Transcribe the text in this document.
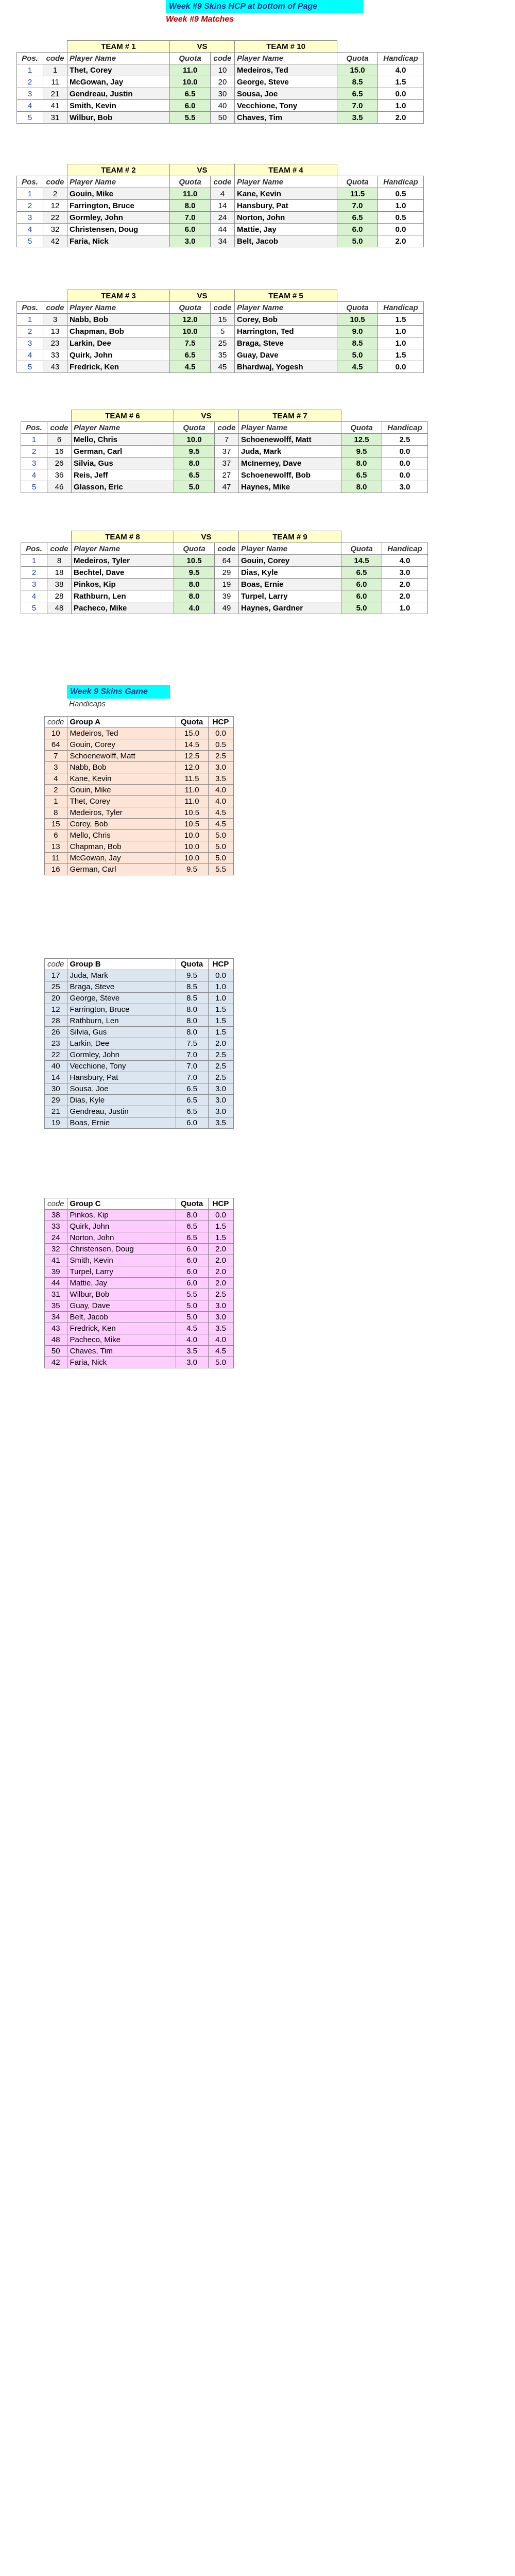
Week #9 Skins HCP at bottom of Page
Week #9 Matches
		TEAM # 1	VS		TEAM # 10		
Pos.	code	Player Name	Quota	code	Player Name	Quota	Handicap
1	1	Thet, Corey	11.0	10	Medeiros, Ted	15.0	4.0
2	11	McGowan, Jay	10.0	20	George, Steve	8.5	1.5
3	21	Gendreau, Justin	6.5	30	Sousa, Joe	6.5	0.0
4	41	Smith, Kevin	6.0	40	Vecchione, Tony	7.0	1.0
5	31	Wilbur, Bob	5.5	50	Chaves, Tim	3.5	2.0
		TEAM # 2	VS		TEAM # 4		
Pos.	code	Player Name	Quota	code	Player Name	Quota	Handicap
1	2	Gouin, Mike	11.0	4	Kane, Kevin	11.5	0.5
2	12	Farrington, Bruce	8.0	14	Hansbury, Pat	7.0	1.0
3	22	Gormley, John	7.0	24	Norton, John	6.5	0.5
4	32	Christensen, Doug	6.0	44	Mattie, Jay	6.0	0.0
5	42	Faria, Nick	3.0	34	Belt, Jacob	5.0	2.0
		TEAM # 3	VS		TEAM # 5		
Pos.	code	Player Name	Quota	code	Player Name	Quota	Handicap
1	3	Nabb, Bob	12.0	15	Corey, Bob	10.5	1.5
2	13	Chapman, Bob	10.0	5	Harrington, Ted	9.0	1.0
3	23	Larkin, Dee	7.5	25	Braga, Steve	8.5	1.0
4	33	Quirk, John	6.5	35	Guay, Dave	5.0	1.5
5	43	Fredrick, Ken	4.5	45	Bhardwaj, Yogesh	4.5	0.0
		TEAM # 6	VS		TEAM # 7		
Pos.	code	Player Name	Quota	code	Player Name	Quota	Handicap
1	6	Mello, Chris	10.0	7	Schoenewolff, Matt	12.5	2.5
2	16	German, Carl	9.5	37	Juda, Mark	9.5	0.0
3	26	Silvia, Gus	8.0	37	McInerney, Dave	8.0	0.0
4	36	Reis, Jeff	6.5	27	Schoenewolff, Bob	6.5	0.0
5	46	Glasson, Eric	5.0	47	Haynes, Mike	8.0	3.0
		TEAM # 8	VS		TEAM # 9		
Pos.	code	Player Name	Quota	code	Player Name	Quota	Handicap
1	8	Medeiros, Tyler	10.5	64	Gouin, Corey	14.5	4.0
2	18	Bechtel, Dave	9.5	29	Dias, Kyle	6.5	3.0
3	38	Pinkos, Kip	8.0	19	Boas, Ernie	6.0	2.0
4	28	Rathburn, Len	8.0	39	Turpel, Larry	6.0	2.0
5	48	Pacheco, Mike	4.0	49	Haynes, Gardner	5.0	1.0
Week 9 Skins Game
Handicaps
code	Group A	Quota	HCP
10	Medeiros, Ted	15.0	0.0
64	Gouin, Corey	14.5	0.5
7	Schoenewolff, Matt	12.5	2.5
3	Nabb, Bob	12.0	3.0
4	Kane, Kevin	11.5	3.5
2	Gouin, Mike	11.0	4.0
1	Thet, Corey	11.0	4.0
8	Medeiros, Tyler	10.5	4.5
15	Corey, Bob	10.5	4.5
6	Mello, Chris	10.0	5.0
13	Chapman, Bob	10.0	5.0
11	McGowan, Jay	10.0	5.0
16	German, Carl	9.5	5.5
code	Group B	Quota	HCP
17	Juda, Mark	9.5	0.0
25	Braga, Steve	8.5	1.0
20	George, Steve	8.5	1.0
12	Farrington, Bruce	8.0	1.5
28	Rathburn, Len	8.0	1.5
26	Silvia, Gus	8.0	1.5
23	Larkin, Dee	7.5	2.0
22	Gormley, John	7.0	2.5
40	Vecchione, Tony	7.0	2.5
14	Hansbury, Pat	7.0	2.5
30	Sousa, Joe	6.5	3.0
29	Dias, Kyle	6.5	3.0
21	Gendreau, Justin	6.5	3.0
19	Boas, Ernie	6.0	3.5
code	Group C	Quota	HCP
38	Pinkos, Kip	8.0	0.0
33	Quirk, John	6.5	1.5
24	Norton, John	6.5	1.5
32	Christensen, Doug	6.0	2.0
41	Smith, Kevin	6.0	2.0
39	Turpel, Larry	6.0	2.0
44	Mattie, Jay	6.0	2.0
31	Wilbur, Bob	5.5	2.5
35	Guay, Dave	5.0	3.0
34	Belt, Jacob	5.0	3.0
43	Fredrick, Ken	4.5	3.5
48	Pacheco, Mike	4.0	4.0
50	Chaves, Tim	3.5	4.5
42	Faria, Nick	3.0	5.0
